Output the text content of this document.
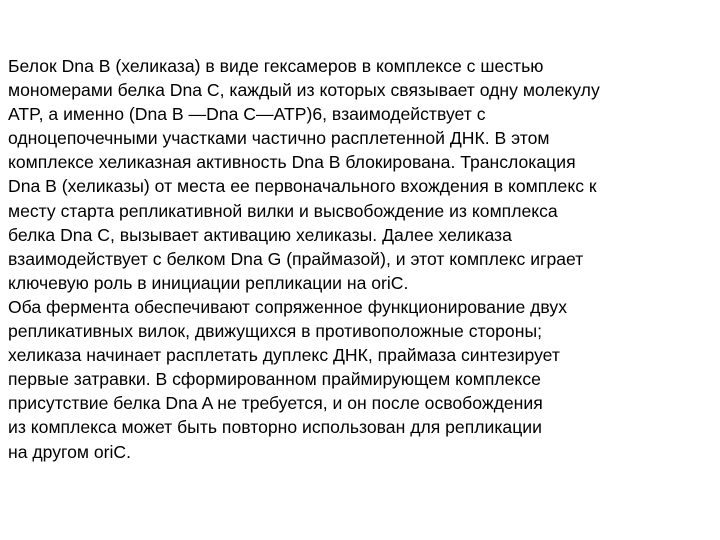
Белок Dna B (хеликаза) в виде гексамеров в комплексе с шестью
мономерами белка Dna C, каждый из которых связывает одну молекулу
ATP, а именно (Dna B —Dna C—ATP)6, взаимодействует с
одноцепочечными участками частично расплетенной ДНК. В этом
комплексе хеликазная активность Dna B блокирована. Транслокация
Dna B (хеликазы) от места ее первоначального вхождения в комплекс к
месту старта репликативной вилки и высвобождение из комплекса
белка Dna C, вызывает активацию хеликазы. Далее хеликаза
взаимодействует с белком Dna G (праймазой), и этот комплекс играет
ключевую роль в инициации репликации на oriC.
Оба фермента обеспечивают сопряженное функционирование двух
репликативных вилок, движущихся в противоположные стороны;
хеликаза начинает расплетать дуплекс ДНК, праймаза синтезирует
первые затравки. В сформированном праймирующем комплексе
присутствие белка Dna A не требуется, и он после освобождения
из комплекса может быть повторно использован для репликации
на другом oriC.
